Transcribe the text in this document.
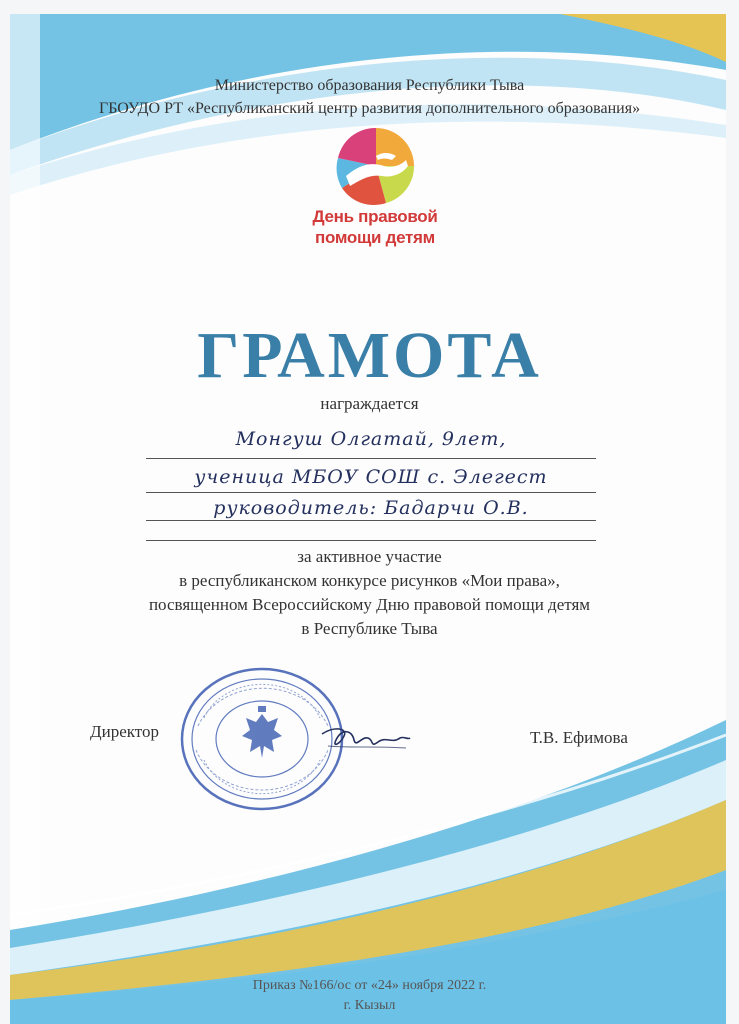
Министерство образования Республики Тыва
ГБОУДО РТ «Республиканский центр развития дополнительного образования»
День правовой
помощи детям
ГРАМОТА
награждается
Монгуш Олгатай, 9лет,
ученица МБОУ СОШ с. Элегест
руководитель: Бадарчи О.В.
за активное участие
в республиканском конкурсе рисунков «Мои права»,
посвященном Всероссийскому Дню правовой помощи детям
в Республике Тыва
Директор	Т.В. Ефимова
Приказ №166/ос от «24» ноября 2022 г.
г. Кызыл
